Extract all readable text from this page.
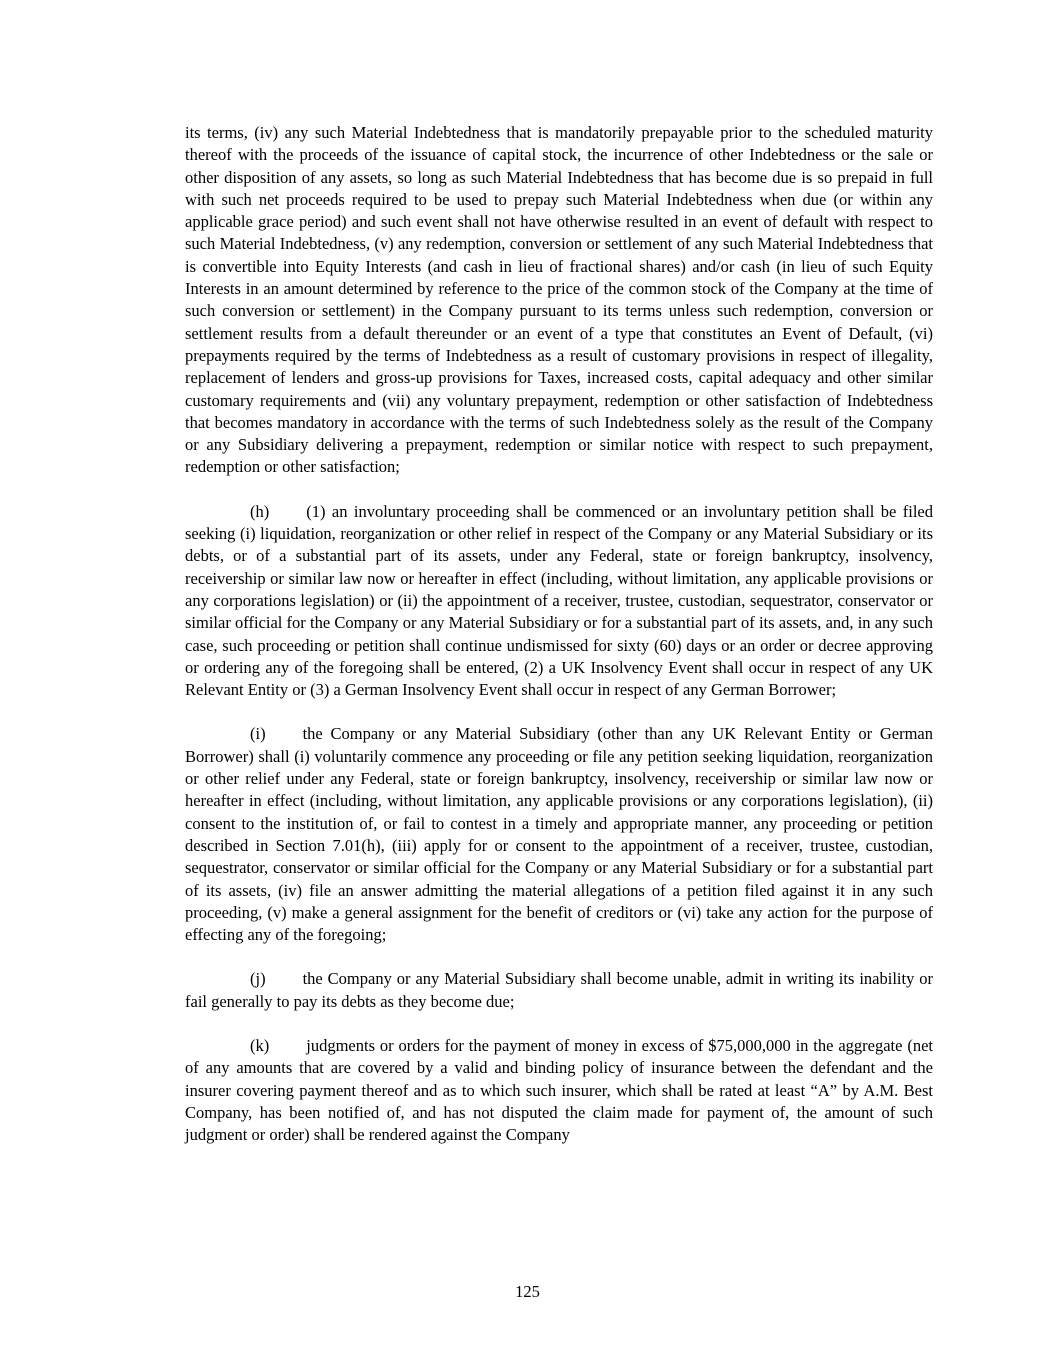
its terms, (iv) any such Material Indebtedness that is mandatorily prepayable prior to the scheduled maturity thereof with the proceeds of the issuance of capital stock, the incurrence of other Indebtedness or the sale or other disposition of any assets, so long as such Material Indebtedness that has become due is so prepaid in full with such net proceeds required to be used to prepay such Material Indebtedness when due (or within any applicable grace period) and such event shall not have otherwise resulted in an event of default with respect to such Material Indebtedness, (v) any redemption, conversion or settlement of any such Material Indebtedness that is convertible into Equity Interests (and cash in lieu of fractional shares) and/or cash (in lieu of such Equity Interests in an amount determined by reference to the price of the common stock of the Company at the time of such conversion or settlement) in the Company pursuant to its terms unless such redemption, conversion or settlement results from a default thereunder or an event of a type that constitutes an Event of Default, (vi) prepayments required by the terms of Indebtedness as a result of customary provisions in respect of illegality, replacement of lenders and gross-up provisions for Taxes, increased costs, capital adequacy and other similar customary requirements and (vii) any voluntary prepayment, redemption or other satisfaction of Indebtedness that becomes mandatory in accordance with the terms of such Indebtedness solely as the result of the Company or any Subsidiary delivering a prepayment, redemption or similar notice with respect to such prepayment, redemption or other satisfaction;
(h) (1) an involuntary proceeding shall be commenced or an involuntary petition shall be filed seeking (i) liquidation, reorganization or other relief in respect of the Company or any Material Subsidiary or its debts, or of a substantial part of its assets, under any Federal, state or foreign bankruptcy, insolvency, receivership or similar law now or hereafter in effect (including, without limitation, any applicable provisions or any corporations legislation) or (ii) the appointment of a receiver, trustee, custodian, sequestrator, conservator or similar official for the Company or any Material Subsidiary or for a substantial part of its assets, and, in any such case, such proceeding or petition shall continue undismissed for sixty (60) days or an order or decree approving or ordering any of the foregoing shall be entered, (2) a UK Insolvency Event shall occur in respect of any UK Relevant Entity or (3) a German Insolvency Event shall occur in respect of any German Borrower;
(i) the Company or any Material Subsidiary (other than any UK Relevant Entity or German Borrower) shall (i) voluntarily commence any proceeding or file any petition seeking liquidation, reorganization or other relief under any Federal, state or foreign bankruptcy, insolvency, receivership or similar law now or hereafter in effect (including, without limitation, any applicable provisions or any corporations legislation), (ii) consent to the institution of, or fail to contest in a timely and appropriate manner, any proceeding or petition described in Section 7.01(h), (iii) apply for or consent to the appointment of a receiver, trustee, custodian, sequestrator, conservator or similar official for the Company or any Material Subsidiary or for a substantial part of its assets, (iv) file an answer admitting the material allegations of a petition filed against it in any such proceeding, (v) make a general assignment for the benefit of creditors or (vi) take any action for the purpose of effecting any of the foregoing;
(j) the Company or any Material Subsidiary shall become unable, admit in writing its inability or fail generally to pay its debts as they become due;
(k) judgments or orders for the payment of money in excess of $75,000,000 in the aggregate (net of any amounts that are covered by a valid and binding policy of insurance between the defendant and the insurer covering payment thereof and as to which such insurer, which shall be rated at least “A” by A.M. Best Company, has been notified of, and has not disputed the claim made for payment of, the amount of such judgment or order) shall be rendered against the Company
125
